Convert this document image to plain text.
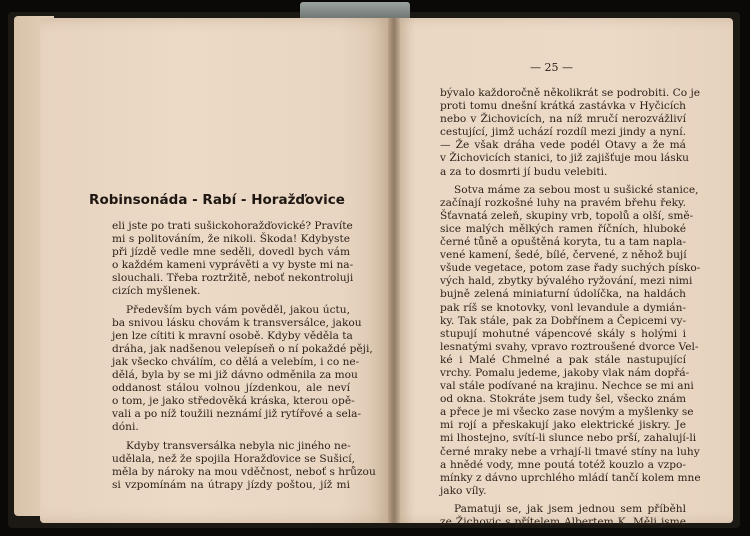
Robinsonáda - Rabí - Horažďovice
— 25 —
eli jste po trati sušickohoražďovické? Pravíte
mi s politováním, že nikoli. Škoda! Kdybyste
při jízdě vedle mne seděli, dovedl bych vám
o každém kameni vyprávěti a vy byste mi na-
slouchali. Třeba roztržitě, neboť nekontroluji
cizích myšlenek.
Především bych vám pověděl, jakou úctu,
ba snivou lásku chovám k transversálce, jakou
jen lze cítiti k mravní osobě. Kdyby věděla ta
dráha, jak nadšenou velepíseň o ní pokaždé pěji,
jak všecko chválím, co dělá a velebím, i co ne-
dělá, byla by se mi již dávno odměnila za mou
oddanost stálou volnou jízdenkou, ale neví
o tom, je jako středověká kráska, kterou opě-
vali a po níž toužili neznámí již rytířové a sela-
dóni.
Kdyby transversálka nebyla nic jiného ne-
udělala, než že spojila Horažďovice se Sušicí,
měla by nároky na mou vděčnost, neboť s hrůzou
si vzpomínám na útrapy jízdy poštou, jíž mi
bývalo každoročně několikrát se podrobiti. Co je
proti tomu dnešní krátká zastávka v Hyčicích
nebo v Žichovicích, na níž mručí nerozvážliví
cestující, jimž uchází rozdíl mezi jindy a nyní.
— Že však dráha vede podél Otavy a že má
v Žichovicích stanici, to již zajišťuje mou lásku
a za to dosmrti jí budu velebiti.
Sotva máme za sebou most u sušické stanice,
začínají rozkošné luhy na pravém břehu řeky.
Šťavnatá zeleň, skupiny vrb, topolů a olší, smě-
sice malých mělkých ramen říčních, hluboké
černé tůně a opuštěná koryta, tu a tam napla-
vené kamení, šedé, bílé, červené, z něhož bují
všude vegetace, potom zase řady suchých písko-
vých hald, zbytky bývalého ryžování, mezi nimi
bujně zelená miniaturní údolíčka, na haldách
pak ríš se knotovky, vonl levandule a dymián-
ky. Tak stále, pak za Dobřínem a Čepicemi vy-
stupují mohutné vápencové skály s holými i
lesnatými svahy, vpravo roztroušené dvorce Vel-
ké i Malé Chmelné a pak stále nastupující
vrchy. Pomalu jedeme, jakoby vlak nám dopřá-
val stále podívané na krajinu. Nechce se mi ani
od okna. Stokráte jsem tudy šel, všecko znám
a přece je mi všecko zase novým a myšlenky se
mi rojí a přeskakují jako elektrické jiskry. Je
mi lhostejno, svítí-li slunce nebo prší, zahalují-li
černé mraky nebe a vrhají-li tmavé stíny na luhy
a hnědé vody, mne poutá totéž kouzlo a vzpo-
mínky z dávno uprchlého mládí tančí kolem mne
jako víly.
Pamatuji se, jak jsem jednou sem příběhl
ze Žichovic s přítelem Albertem K. Měli jsme
